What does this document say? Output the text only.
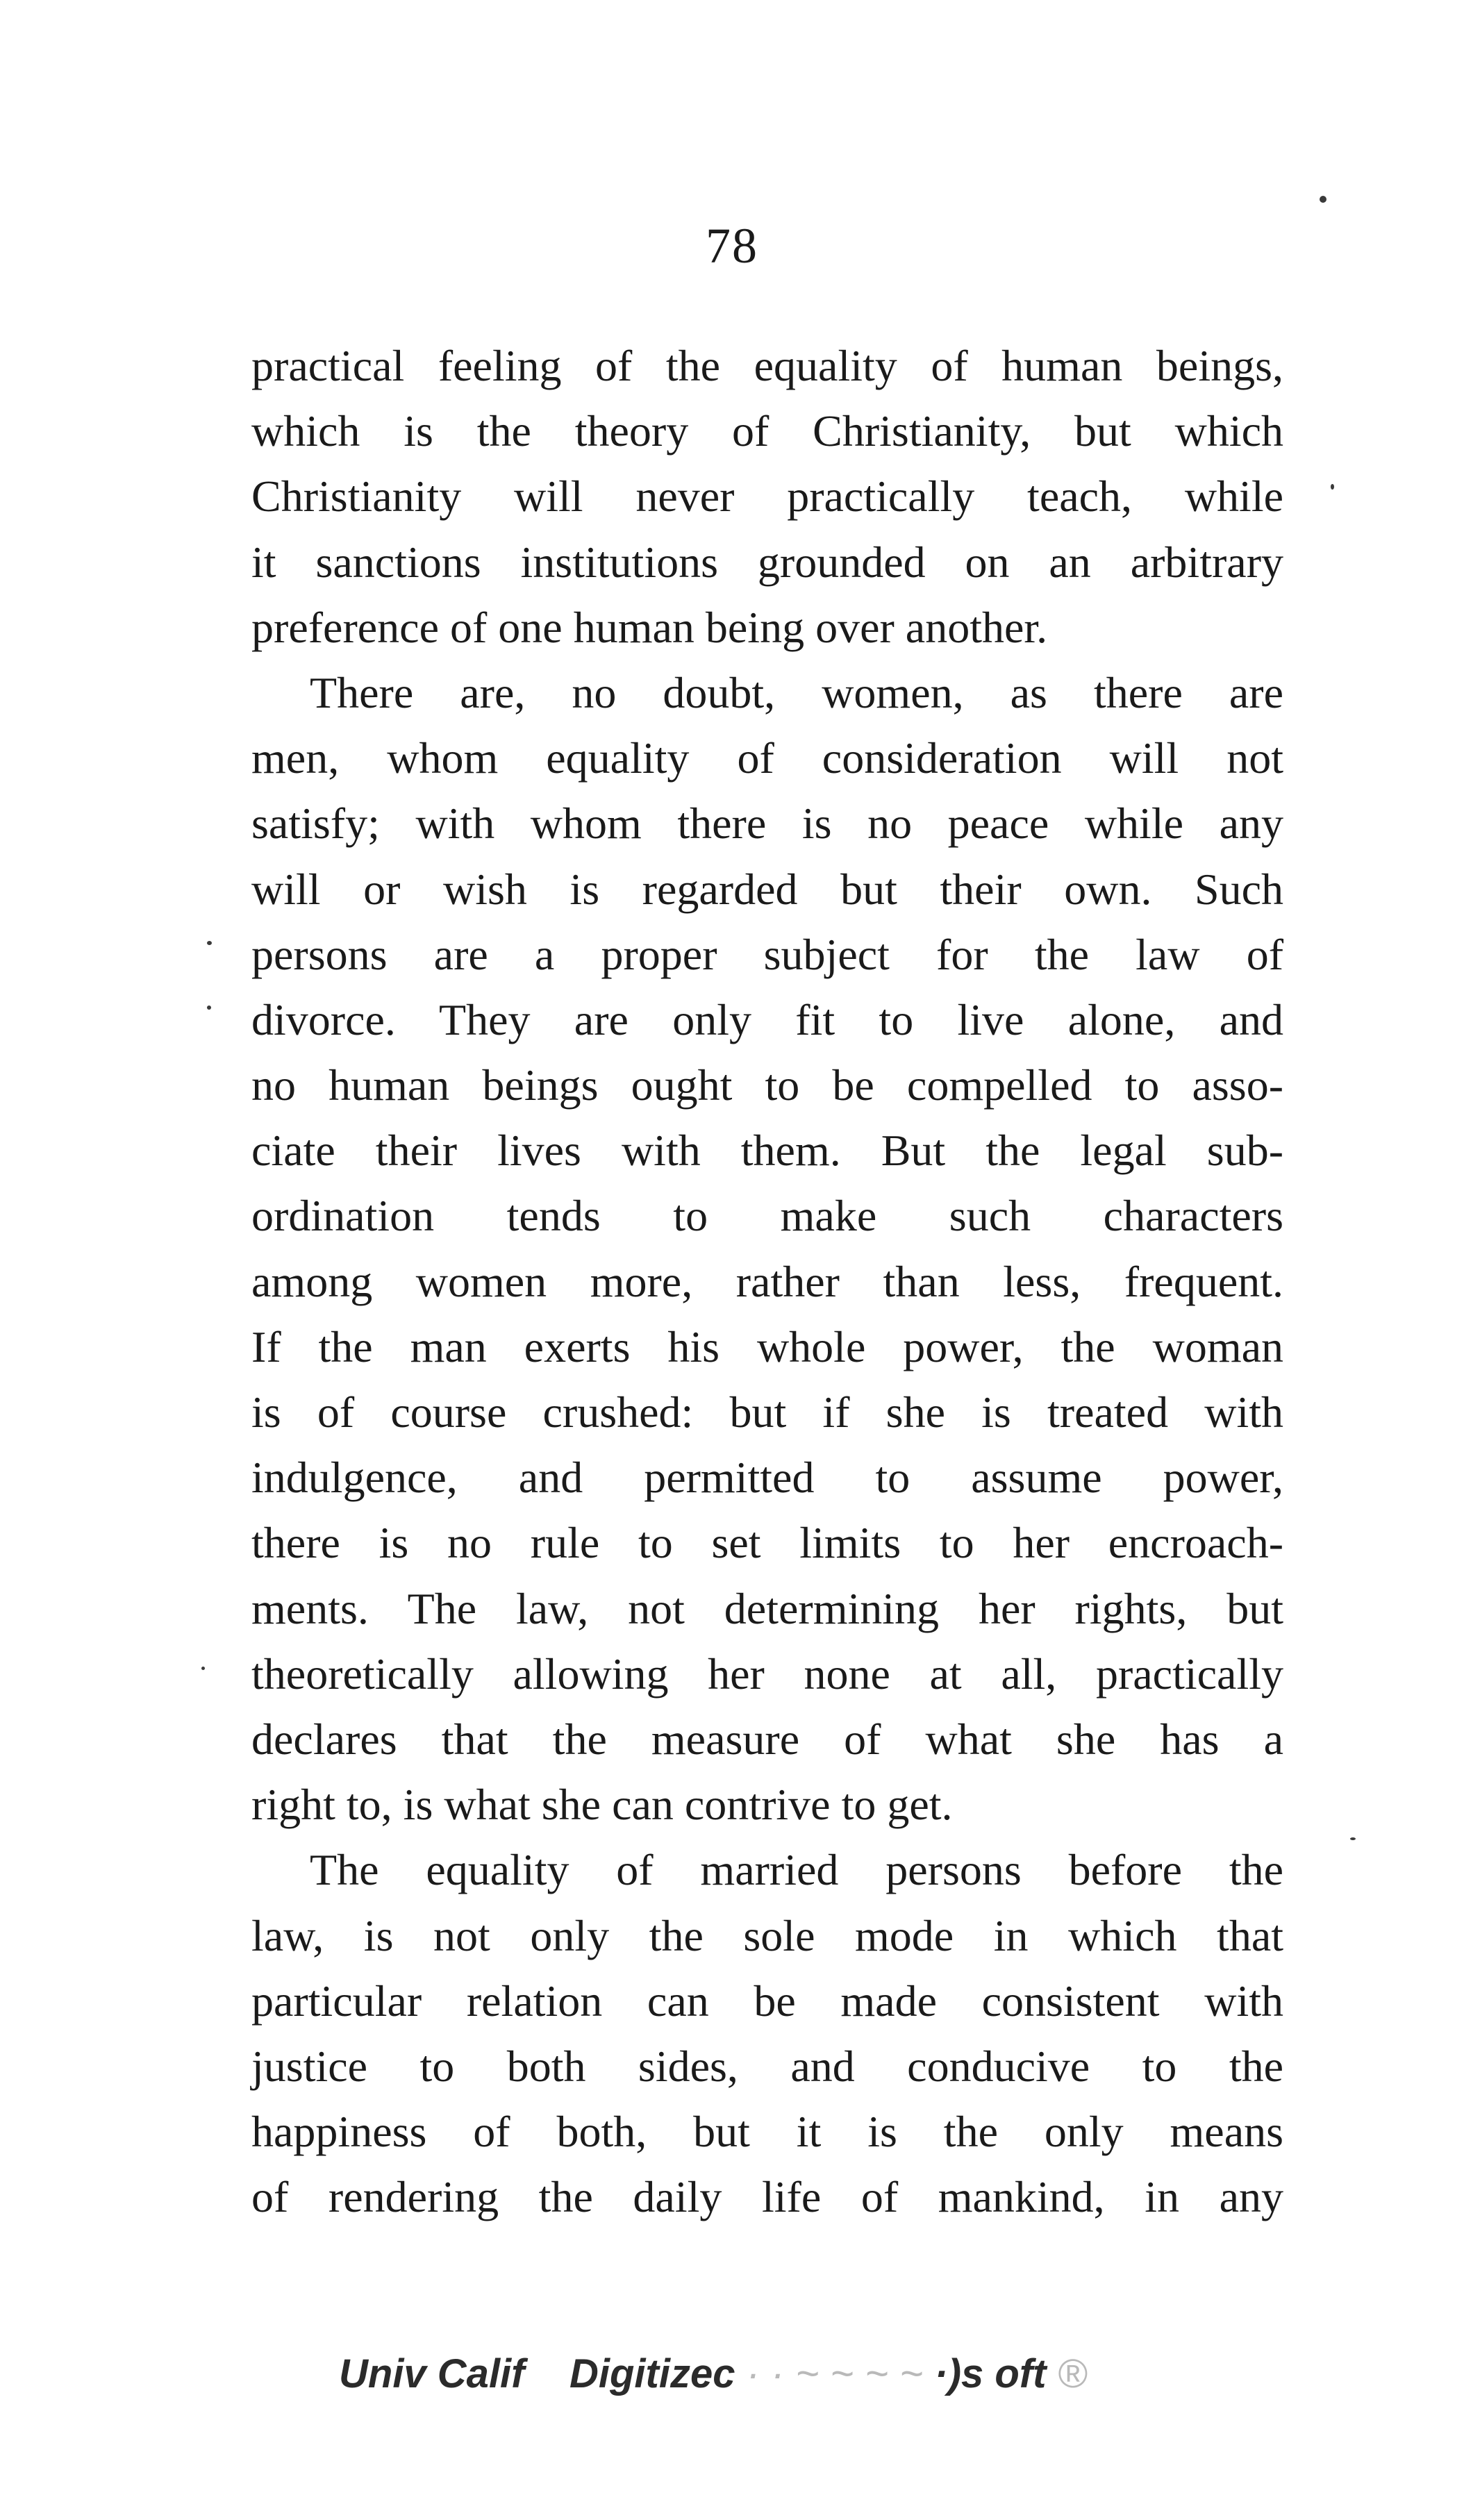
78
practical feeling of the equality of human beings,
which is the theory of Christianity, but which
Christianity will never practically teach, while
it sanctions institutions grounded on an arbitrary
preference of one human being over another.
There are, no doubt, women, as there are
men, whom equality of consideration will not
satisfy; with whom there is no peace while any
will or wish is regarded but their own. Such
persons are a proper subject for the law of
divorce. They are only fit to live alone, and
no human beings ought to be compelled to asso-
ciate their lives with them. But the legal sub-
ordination tends to make such characters
among women more, rather than less, frequent.
If the man exerts his whole power, the woman
is of course crushed: but if she is treated with
indulgence, and permitted to assume power,
there is no rule to set limits to her encroach-
ments. The law, not determining her rights, but
theoretically allowing her none at all, practically
declares that the measure of what she has a
right to, is what she can contrive to get.
The equality of married persons before the
law, is not only the sole mode in which that
particular relation can be made consistent with
justice to both sides, and conducive to the
happiness of both, but it is the only means
of rendering the daily life of mankind, in any
Univ Calif Digitizec · · ~ ~ ~ ~ ·)s oft ®
